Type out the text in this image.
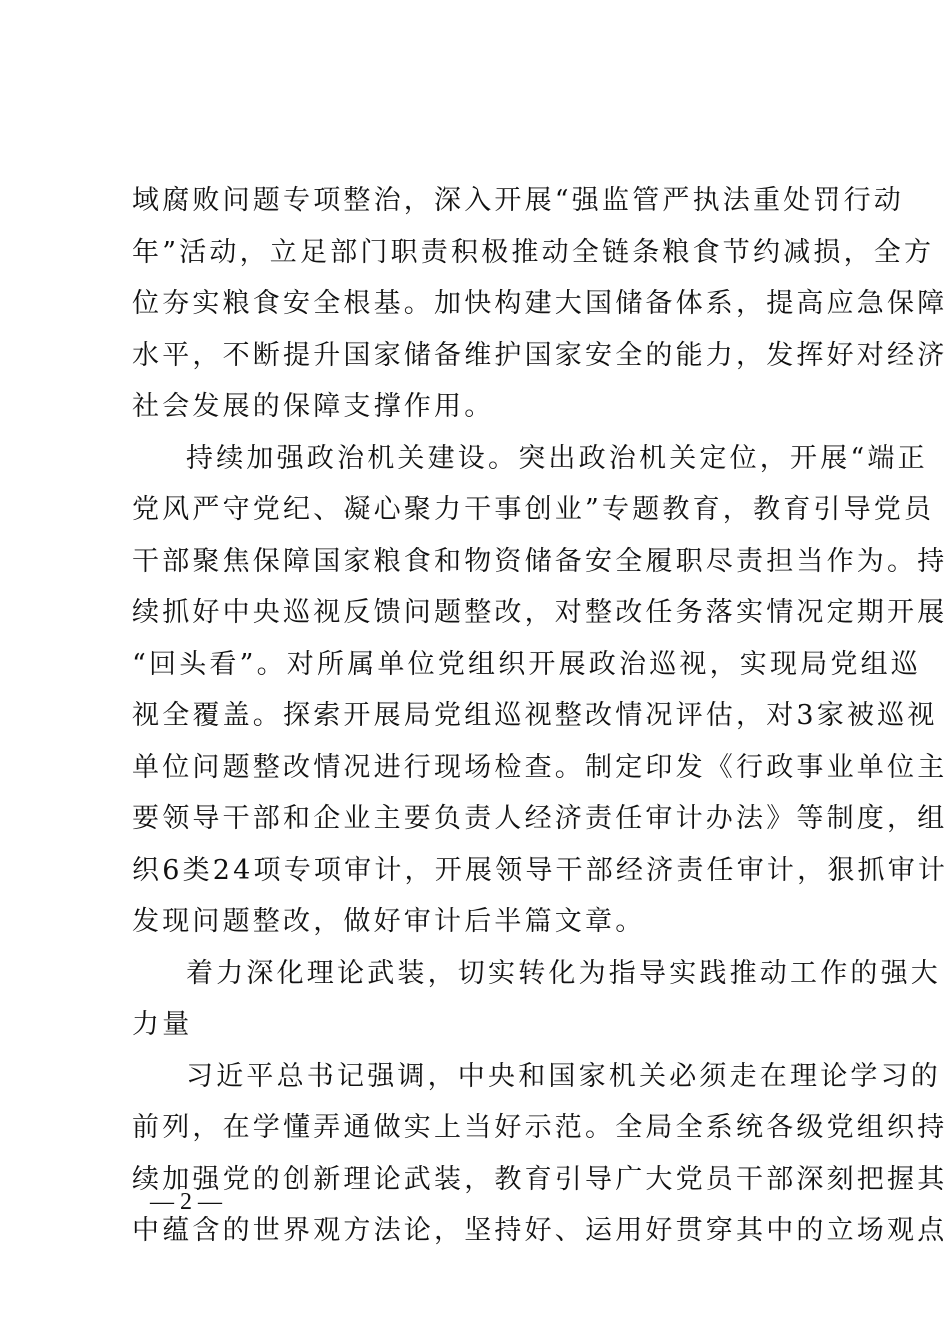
域腐败问题专项整治，深入开展“强监管严执法重处罚行动
年”活动，立足部门职责积极推动全链条粮食节约减损，全方
位夯实粮食安全根基。加快构建大国储备体系，提高应急保障
水平，不断提升国家储备维护国家安全的能力，发挥好对经济
社会发展的保障支撑作用。
持续加强政治机关建设。突出政治机关定位，开展“端正
党风严守党纪、凝心聚力干事创业”专题教育，教育引导党员
干部聚焦保障国家粮食和物资储备安全履职尽责担当作为。持
续抓好中央巡视反馈问题整改，对整改任务落实情况定期开展
“回头看”。对所属单位党组织开展政治巡视，实现局党组巡
视全覆盖。探索开展局党组巡视整改情况评估，对3家被巡视
单位问题整改情况进行现场检查。制定印发《行政事业单位主
要领导干部和企业主要负责人经济责任审计办法》等制度，组
织6类24项专项审计，开展领导干部经济责任审计，狠抓审计
发现问题整改，做好审计后半篇文章。
着力深化理论武装，切实转化为指导实践推动工作的强大
力量
习近平总书记强调，中央和国家机关必须走在理论学习的
前列，在学懂弄通做实上当好示范。全局全系统各级党组织持
续加强党的创新理论武装，教育引导广大党员干部深刻把握其
中蕴含的世界观方法论，坚持好、运用好贯穿其中的立场观点
— 2 —
